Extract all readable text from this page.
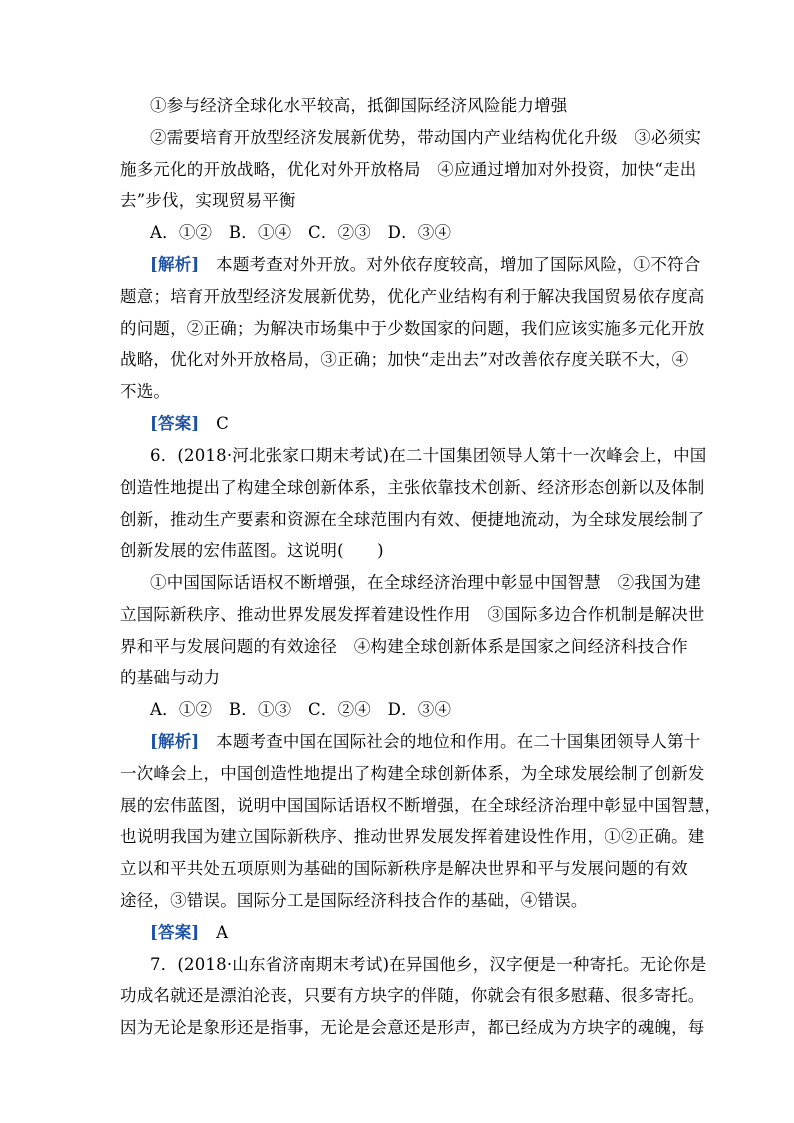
①参与经济全球化水平较高，抵御国际经济风险能力增强
②需要培育开放型经济发展新优势，带动国内产业结构优化升级　③必须实
施多元化的开放战略，优化对外开放格局　④应通过增加对外投资，加快“走出
去”步伐，实现贸易平衡
A．①②　B．①④　C．②③　D．③④
[解析]　本题考查对外开放。对外依存度较高，增加了国际风险，①不符合
题意；培育开放型经济发展新优势，优化产业结构有利于解决我国贸易依存度高
的问题，②正确；为解决市场集中于少数国家的问题，我们应该实施多元化开放
战略，优化对外开放格局，③正确；加快“走出去”对改善依存度关联不大，④
不选。
[答案]　C
6．(2018·河北张家口期末考试)在二十国集团领导人第十一次峰会上，中国
创造性地提出了构建全球创新体系，主张依靠技术创新、经济形态创新以及体制
创新，推动生产要素和资源在全球范围内有效、便捷地流动，为全球发展绘制了
创新发展的宏伟蓝图。这说明(　　)
①中国国际话语权不断增强，在全球经济治理中彰显中国智慧　②我国为建
立国际新秩序、推动世界发展发挥着建设性作用　③国际多边合作机制是解决世
界和平与发展问题的有效途径　④构建全球创新体系是国家之间经济科技合作
的基础与动力
A．①②　B．①③　C．②④　D．③④
[解析]　本题考查中国在国际社会的地位和作用。在二十国集团领导人第十
一次峰会上，中国创造性地提出了构建全球创新体系，为全球发展绘制了创新发
展的宏伟蓝图，说明中国国际话语权不断增强，在全球经济治理中彰显中国智慧，
也说明我国为建立国际新秩序、推动世界发展发挥着建设性作用，①②正确。建
立以和平共处五项原则为基础的国际新秩序是解决世界和平与发展问题的有效
途径，③错误。国际分工是国际经济科技合作的基础，④错误。
[答案]　A
7．(2018·山东省济南期末考试)在异国他乡，汉字便是一种寄托。无论你是
功成名就还是漂泊沦丧，只要有方块字的伴随，你就会有很多慰藉、很多寄托。
因为无论是象形还是指事，无论是会意还是形声，都已经成为方块字的魂魄，每
